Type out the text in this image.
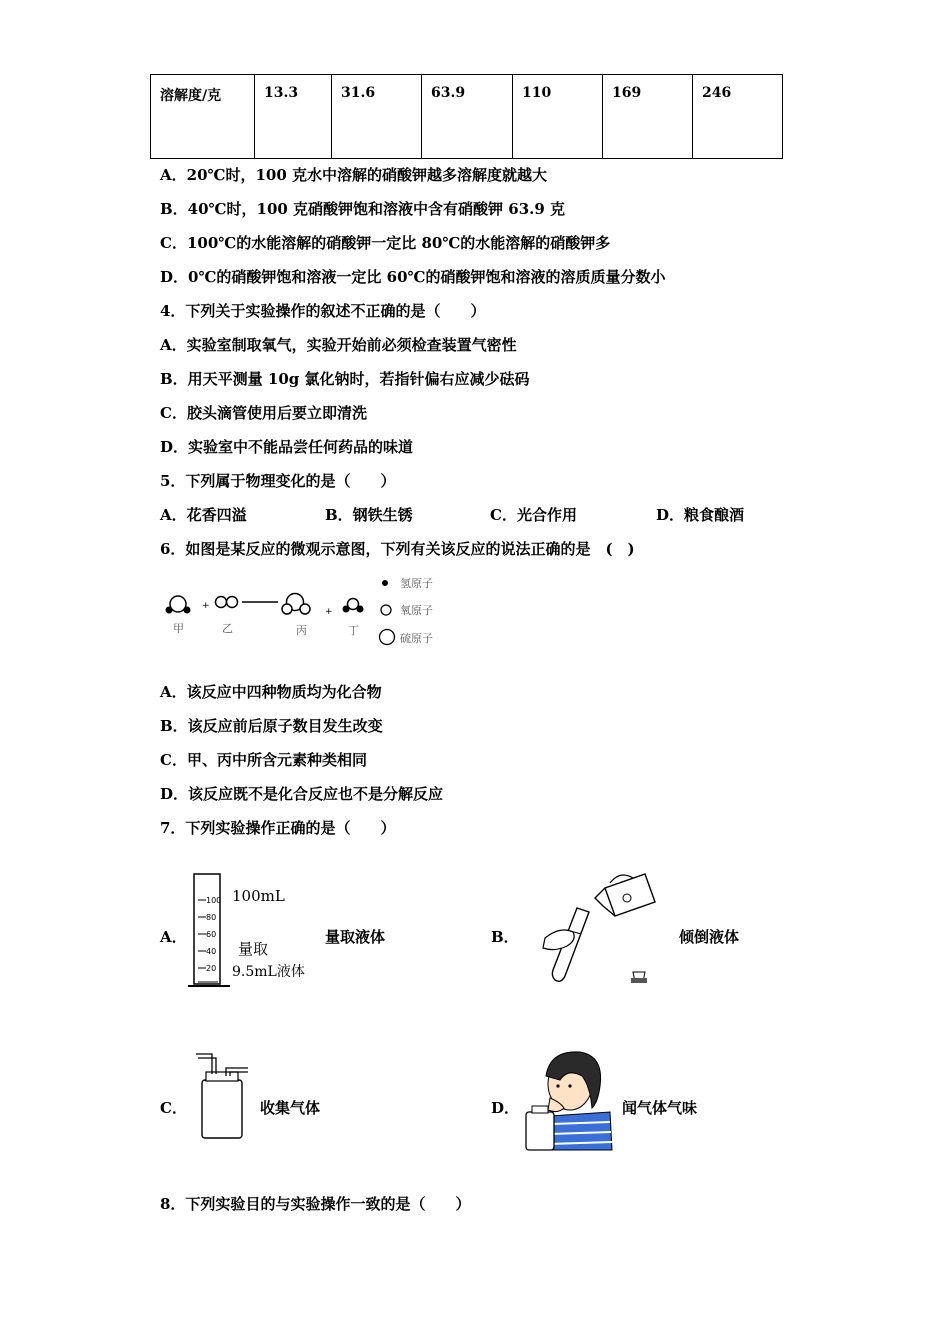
溶解度/克	13.3	31.6	63.9	110	169	246
A．20℃时，100 克水中溶解的硝酸钾越多溶解度就越大
B．40℃时，100 克硝酸钾饱和溶液中含有硝酸钾 63.9 克
C．100℃的水能溶解的硝酸钾一定比 80℃的水能溶解的硝酸钾多
D．0℃的硝酸钾饱和溶液一定比 60℃的硝酸钾饱和溶液的溶质质量分数小
4．下列关于实验操作的叙述不正确的是（　　）
A．实验室制取氧气，实验开始前必须检查装置气密性
B．用天平测量 10g 氯化钠时，若指针偏右应减少砝码
C．胶头滴管使用后要立即清洗
D．实验室中不能品尝任何药品的味道
5．下列属于物理变化的是（　　）
A．花香四溢	B．钢铁生锈	C．光合作用	D．粮食酿酒
6．如图是某反应的微观示意图，下列有关该反应的说法正确的是　(　)
+
+
甲	乙	丙	丁
氢原子
氧原子
硫原子
A．该反应中四种物质均为化合物
B．该反应前后原子数目发生改变
C．甲、丙中所含元素种类相同
D．该反应既不是化合反应也不是分解反应
7．下列实验操作正确的是（　　）
A．
100
80
60
40
20
100mL
量取
9.5mL液体
量取液体	B．	倾倒液体
C．	收集气体	D．	闻气体气味
8．下列实验目的与实验操作一致的是（　　）
